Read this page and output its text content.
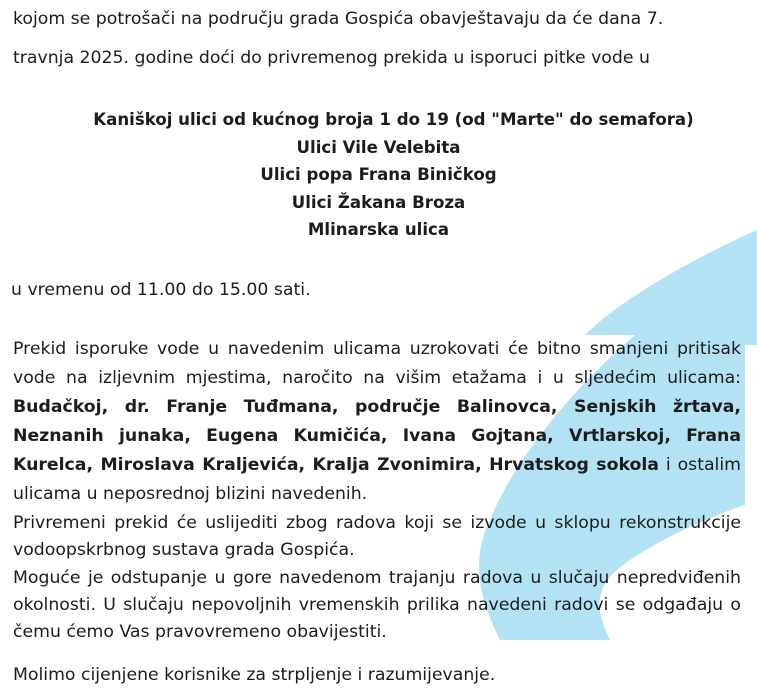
kojom se potrošači na području grada Gospića obavještavaju da će dana 7.
travnja 2025. godine doći do privremenog prekida u isporuci pitke vode u
Kaniškoj ulici od kućnog broja 1 do 19 (od "Marte" do semafora)
Ulici Vile Velebita
Ulici popa Frana Biničkog
Ulici Žakana Broza
Mlinarska ulica
u vremenu od 11.00 do 15.00 sati.
Prekid isporuke vode u navedenim ulicama uzrokovati će bitno smanjeni pritisak vode na izljevnim mjestima, naročito na višim etažama i u sljedećim ulicama: Budačkoj, dr. Franje Tuđmana, područje Balinovca, Senjskih žrtava, Neznanih junaka, Eugena Kumičića, Ivana Gojtana, Vrtlarskoj, Frana Kurelca, Miroslava Kraljevića, Kralja Zvonimira, Hrvatskog sokola i ostalim ulicama u neposrednoj blizini navedenih.
Privremeni prekid će uslijediti zbog radova koji se izvode u sklopu rekonstrukcije vodoopskrbnog sustava grada Gospića.
Moguće je odstupanje u gore navedenom trajanju radova u slučaju nepredviđenih okolnosti. U slučaju nepovoljnih vremenskih prilika navedeni radovi se odgađaju o čemu ćemo Vas pravovremeno obavijestiti.
Molimo cijenjene korisnike za strpljenje i razumijevanje.
